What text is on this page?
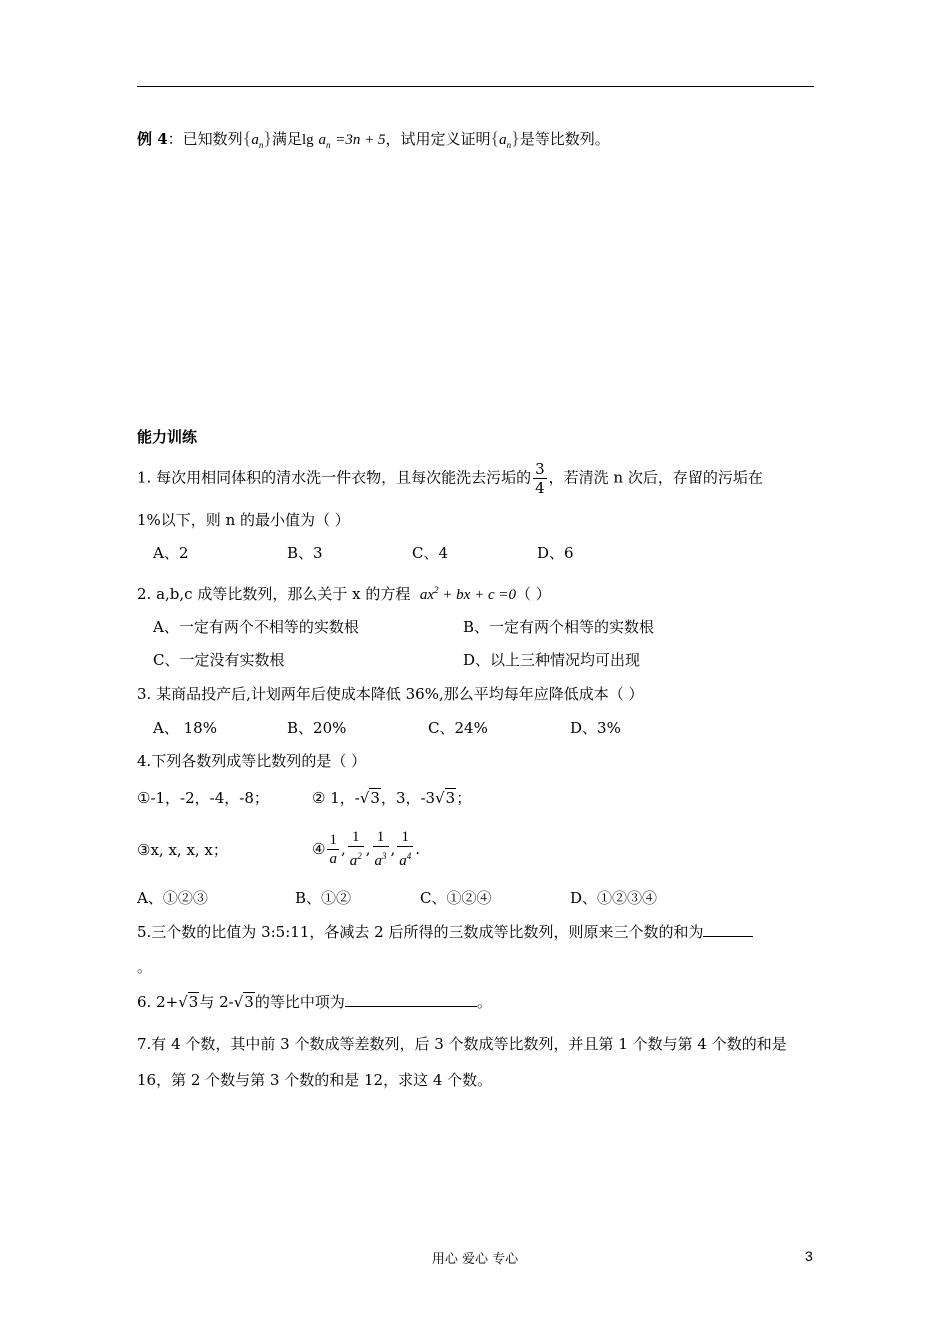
例 4：已知数列$\{a_n\}$满足$\lg a_n =3n + 5$，试用定义证明$\{a_n\}$是等比数列。
能力训练
1. 每次用相同体积的清水洗一件衣物，且每次能洗去污垢的 $\frac{3}{4}$ ，若清洗 n 次后，存留的污垢在
1%以下，则 n 的最小值为（ ）
A、2	B、3	C、4	D、6
2. a,b,c 成等比数列，那么关于 x 的方程 $ax^2$ + bx + c =0（ ）
A、一定有两个不相等的实数根	B、一定有两个相等的实数根
C、一定没有实数根	D、以上三种情况均可出现
3. 某商品投产后,计划两年后使成本降低 36%,那么平均每年应降低成本（ ）
A、 18%	B、20%	C、24%	D、3%
4.下列各数列成等比数列的是（ ）
①-1，-2，-4，-8；	② 1，-√3，3，-3√3；
③x, x, x, x；	④ $\frac{1}{a}$ , $\frac{1}{a^2}$ , $\frac{1}{a^3}$ , $\frac{1}{a^4}$ .
A、①②③	B、①②	C、①②④	D、①②③④
5.三个数的比值为 3:5:11，各减去 2 后所得的三数成等比数列，则原来三个数的和为
。
6. 2+√3与 2-√3的等比中项为	。
7.有 4 个数，其中前 3 个数成等差数列，后 3 个数成等比数列，并且第 1 个数与第 4 个数的和是
16，第 2 个数与第 3 个数的和是 12，求这 4 个数。
用心 爱心 专心	3
